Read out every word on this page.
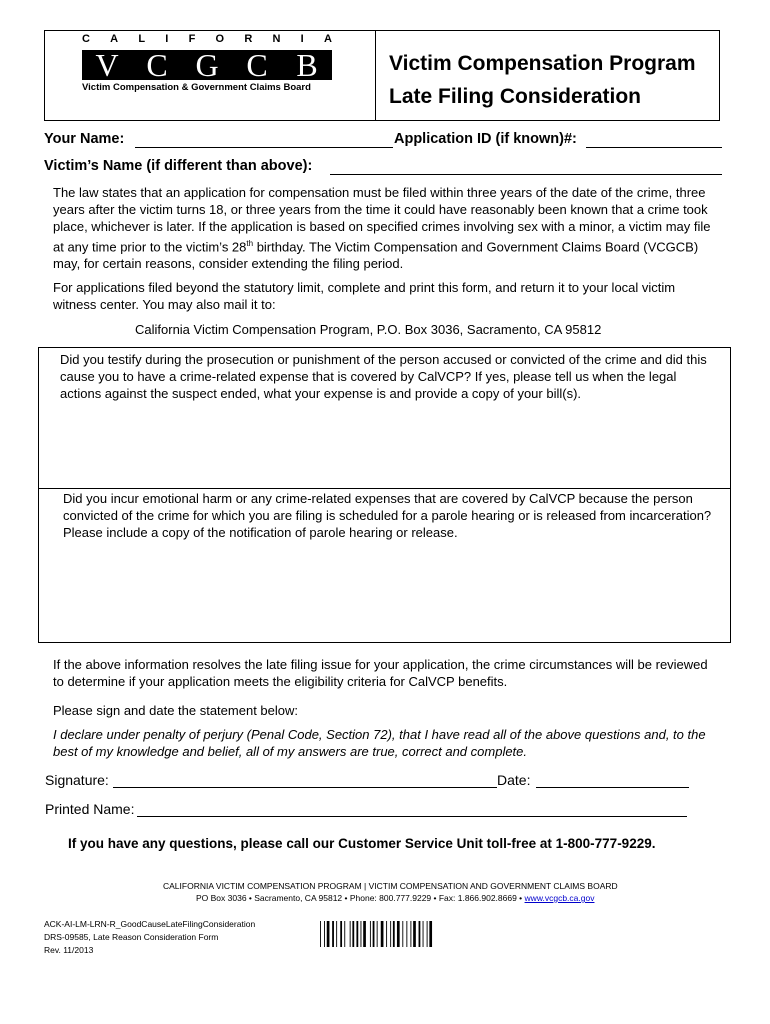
C A L I F O R N I A
V C G C B
Victim Compensation & Government Claims Board
Victim Compensation Program
Late Filing Consideration
Your Name:	Application ID (if known)#:
Victim’s Name (if different than above):
The law states that an application for compensation must be filed within three years of the date of the crime, three years after the victim turns 18, or three years from the time it could have reasonably been known that a crime took place, whichever is later. If the application is based on specified crimes involving sex with a minor, a victim may file at any time prior to the victim’s 28th birthday. The Victim Compensation and Government Claims Board (VCGCB) may, for certain reasons, consider extending the filing period.
For applications filed beyond the statutory limit, complete and print this form, and return it to your local victim witness center. You may also mail it to:
California Victim Compensation Program, P.O. Box 3036, Sacramento, CA 95812
Did you testify during the prosecution or punishment of the person accused or convicted of the crime and did this cause you to have a crime-related expense that is covered by CalVCP? If yes, please tell us when the legal actions against the suspect ended, what your expense is and provide a copy of your bill(s).
Did you incur emotional harm or any crime-related expenses that are covered by CalVCP because the person convicted of the crime for which you are filing is scheduled for a parole hearing or is released from incarceration? Please include a copy of the notification of parole hearing or release.
If the above information resolves the late filing issue for your application, the crime circumstances will be reviewed to determine if your application meets the eligibility criteria for CalVCP benefits.
Please sign and date the statement below:
I declare under penalty of perjury (Penal Code, Section 72), that I have read all of the above questions and, to the best of my knowledge and belief, all of my answers are true, correct and complete.
Signature:	Date:
Printed Name:
If you have any questions, please call our Customer Service Unit toll-free at 1-800-777-9229.
CALIFORNIA VICTIM COMPENSATION PROGRAM | VICTIM COMPENSATION AND GOVERNMENT CLAIMS BOARD
PO Box 3036 • Sacramento, CA 95812 • Phone: 800.777.9229 • Fax: 1.866.902.8669 • www.vcgcb.ca.gov
ACK-AI-LM-LRN-R_GoodCauseLateFilingConsideration
DRS-09585, Late Reason Consideration Form
Rev. 11/2013
